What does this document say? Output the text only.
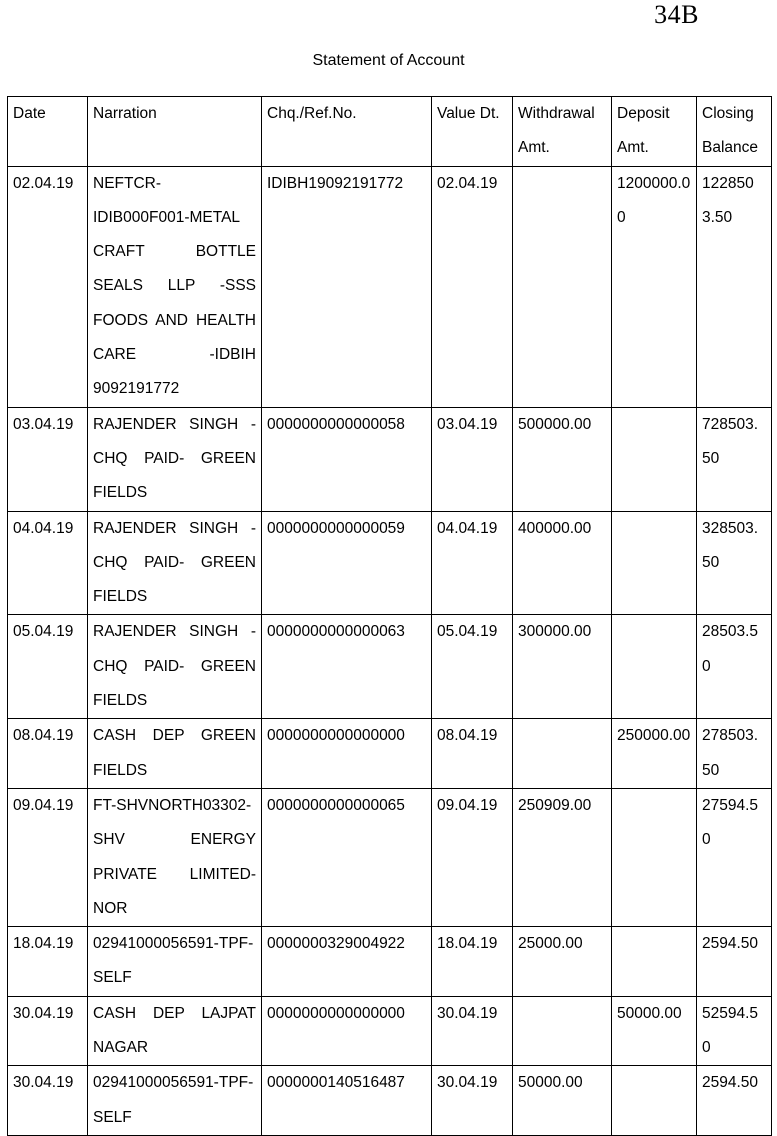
34B
Statement of Account
Date	Narration	Chq./Ref.No.	Value Dt.	Withdrawal Amt.	Deposit Amt.	Closing Balance
02.04.19	NEFTCR-IDIB000F001-METAL CRAFT BOTTLE SEALS LLP -SSS FOODS AND HEALTH CARE -IDBIH 9092191772	IDIBH19092191772	02.04.19		1200000.00	1228503.50
03.04.19	RAJENDER SINGH - CHQ PAID- GREEN FIELDS	0000000000000058	03.04.19	500000.00		728503.50
04.04.19	RAJENDER SINGH - CHQ PAID- GREEN FIELDS	0000000000000059	04.04.19	400000.00		328503.50
05.04.19	RAJENDER SINGH - CHQ PAID- GREEN FIELDS	0000000000000063	05.04.19	300000.00		28503.50
08.04.19	CASH DEP GREEN FIELDS	0000000000000000	08.04.19		250000.00	278503.50
09.04.19	FT-SHVNORTH03302-SHV ENERGY PRIVATE LIMITED-NOR	0000000000000065	09.04.19	250909.00		27594.50
18.04.19	02941000056591-TPF-SELF	0000000329004922	18.04.19	25000.00		2594.50
30.04.19	CASH DEP LAJPAT NAGAR	0000000000000000	30.04.19		50000.00	52594.50
30.04.19	02941000056591-TPF-SELF	0000000140516487	30.04.19	50000.00		2594.50
